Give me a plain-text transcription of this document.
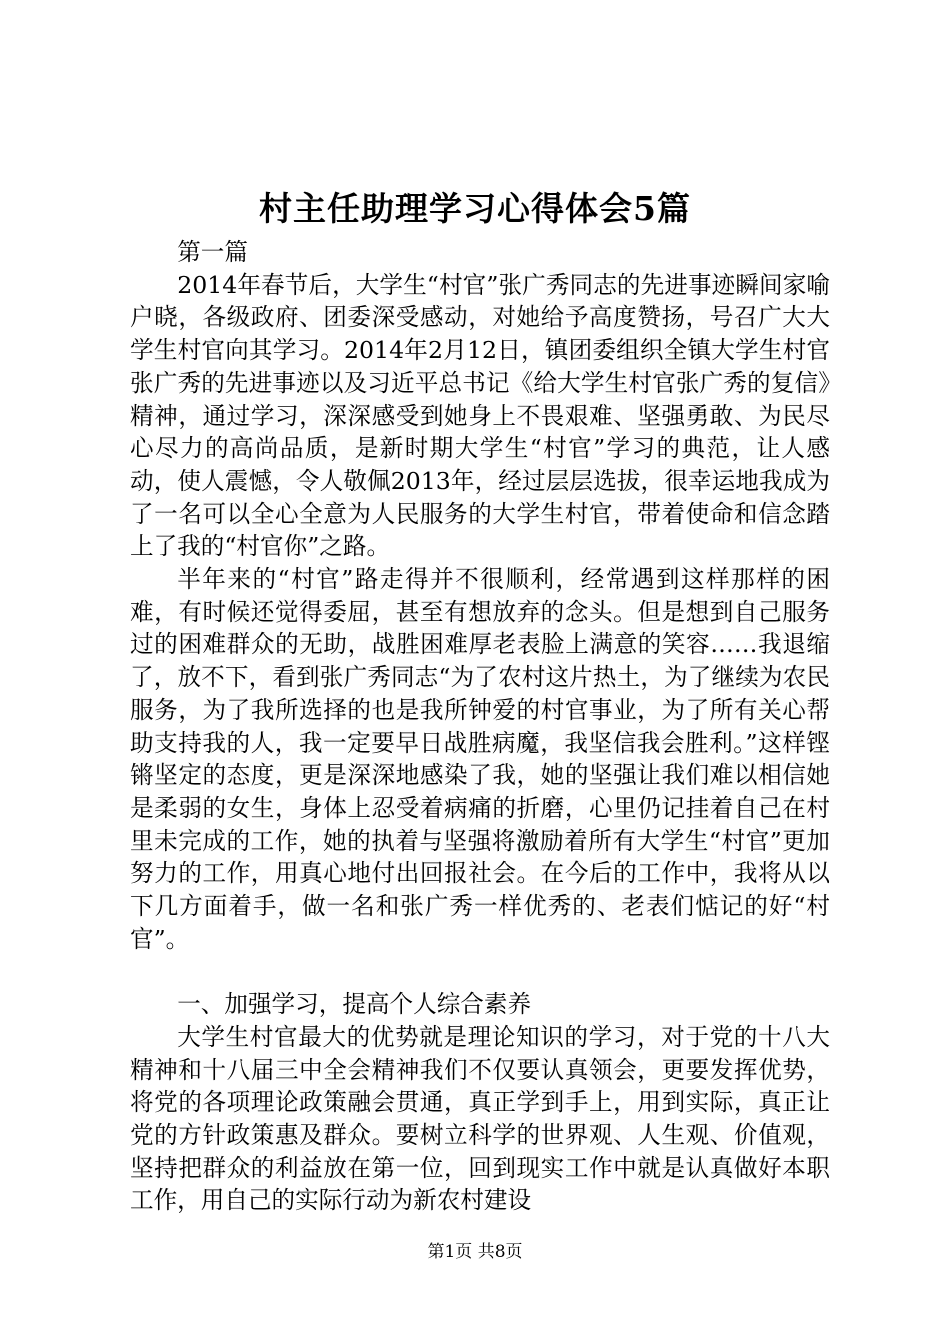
村主任助理学习心得体会5篇

第一篇

2014年春节后，大学生“村官”张广秀同志的先进事迹瞬间家喻户晓，各级政府、团委深受感动，对她给予高度赞扬，号召广大大学生村官向其学习。2014年2月12日，镇团委组织全镇大学生村官张广秀的先进事迹以及习近平总书记《给大学生村官张广秀的复信》精神，通过学习，深深感受到她身上不畏艰难、坚强勇敢、为民尽心尽力的高尚品质，是新时期大学生“村官”学习的典范，让人感动，使人震憾，令人敬佩2013年，经过层层选拔，很幸运地我成为了一名可以全心全意为人民服务的大学生村官，带着使命和信念踏上了我的“村官你”之路。

半年来的“村官”路走得并不很顺利，经常遇到这样那样的困难，有时候还觉得委屈，甚至有想放弃的念头。但是想到自己服务过的困难群众的无助，战胜困难厚老表脸上满意的笑容……我退缩了，放不下，看到张广秀同志“为了农村这片热土，为了继续为农民服务，为了我所选择的也是我所钟爱的村官事业，为了所有关心帮助支持我的人，我一定要早日战胜病魔，我坚信我会胜利。”这样铿锵坚定的态度，更是深深地感染了我，她的坚强让我们难以相信她是柔弱的女生，身体上忍受着病痛的折磨，心里仍记挂着自己在村里未完成的工作，她的执着与坚强将激励着所有大学生“村官”更加努力的工作，用真心地付出回报社会。在今后的工作中，我将从以下几方面着手，做一名和张广秀一样优秀的、老表们惦记的好“村官”。

一、加强学习，提高个人综合素养

大学生村官最大的优势就是理论知识的学习，对于党的十八大精神和十八届三中全会精神我们不仅要认真领会，更要发挥优势，将党的各项理论政策融会贯通，真正学到手上，用到实际，真正让党的方针政策惠及群众。要树立科学的世界观、人生观、价值观，坚持把群众的利益放在第一位，回到现实工作中就是认真做好本职工作，用自己的实际行动为新农村建设

第1页 共8页
